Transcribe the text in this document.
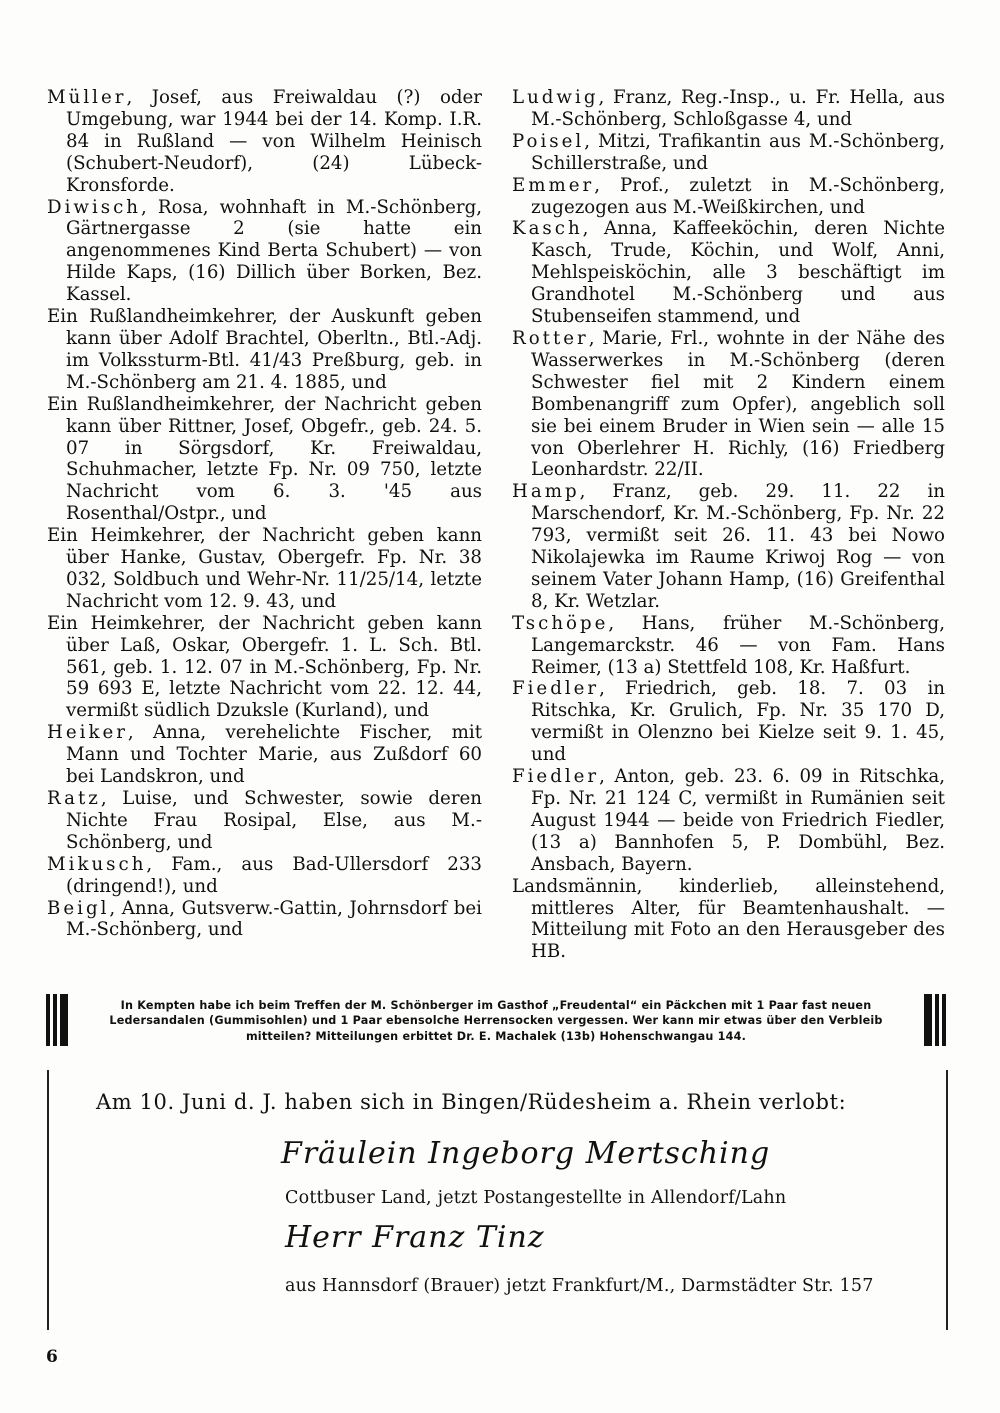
Müller, Josef, aus Freiwaldau (?) oder Umgebung, war 1944 bei der 14. Komp. I.R. 84 in Rußland — von Wilhelm Heinisch (Schubert-Neudorf), (24) Lübeck-Kronsforde.

Diwisch, Rosa, wohnhaft in M.-Schönberg, Gärtnergasse 2 (sie hatte ein angenommenes Kind Berta Schubert) — von Hilde Kaps, (16) Dillich über Borken, Bez. Kassel.

Ein Rußlandheimkehrer, der Auskunft geben kann über Adolf Brachtel, Oberltn., Btl.-Adj. im Volkssturm-Btl. 41/43 Preßburg, geb. in M.-Schönberg am 21. 4. 1885, und

Ein Rußlandheimkehrer, der Nachricht geben kann über Rittner, Josef, Obgefr., geb. 24. 5. 07 in Sörgsdorf, Kr. Freiwaldau, Schuhmacher, letzte Fp. Nr. 09 750, letzte Nachricht vom 6. 3. '45 aus Rosenthal/Ostpr., und

Ein Heimkehrer, der Nachricht geben kann über Hanke, Gustav, Obergefr. Fp. Nr. 38 032, Soldbuch und Wehr-Nr. 11/25/14, letzte Nachricht vom 12. 9. 43, und

Ein Heimkehrer, der Nachricht geben kann über Laß, Oskar, Obergefr. 1. L. Sch. Btl. 561, geb. 1. 12. 07 in M.-Schönberg, Fp. Nr. 59 693 E, letzte Nachricht vom 22. 12. 44, vermißt südlich Dzuksle (Kurland), und

Heiker, Anna, verehelichte Fischer, mit Mann und Tochter Marie, aus Zußdorf 60 bei Landskron, und

Ratz, Luise, und Schwester, sowie deren Nichte Frau Rosipal, Else, aus M.-Schönberg, und

Mikusch, Fam., aus Bad-Ullersdorf 233 (dringend!), und

Beigl, Anna, Gutsverw.-Gattin, Johrnsdorf bei M.-Schönberg, und

Ludwig, Franz, Reg.-Insp., u. Fr. Hella, aus M.-Schönberg, Schloßgasse 4, und

Poisel, Mitzi, Trafikantin aus M.-Schönberg, Schillerstraße, und

Emmer, Prof., zuletzt in M.-Schönberg, zugezogen aus M.-Weißkirchen, und

Kasch, Anna, Kaffeeköchin, deren Nichte Kasch, Trude, Köchin, und Wolf, Anni, Mehlspeisköchin, alle 3 beschäftigt im Grandhotel M.-Schönberg und aus Stubenseifen stammend, und

Rotter, Marie, Frl., wohnte in der Nähe des Wasserwerkes in M.-Schönberg (deren Schwester fiel mit 2 Kindern einem Bombenangriff zum Opfer), angeblich soll sie bei einem Bruder in Wien sein — alle 15 von Oberlehrer H. Richly, (16) Friedberg Leonhardstr. 22/II.

Hamp, Franz, geb. 29. 11. 22 in Marschendorf, Kr. M.-Schönberg, Fp. Nr. 22 793, vermißt seit 26. 11. 43 bei Nowo Nikolajewka im Raume Kriwoj Rog — von seinem Vater Johann Hamp, (16) Greifenthal 8, Kr. Wetzlar.

Tschöpe, Hans, früher M.-Schönberg, Langemarckstr. 46 — von Fam. Hans Reimer, (13 a) Stettfeld 108, Kr. Haßfurt.

Fiedler, Friedrich, geb. 18. 7. 03 in Ritschka, Kr. Grulich, Fp. Nr. 35 170 D, vermißt in Olenzno bei Kielze seit 9. 1. 45, und

Fiedler, Anton, geb. 23. 6. 09 in Ritschka, Fp. Nr. 21 124 C, vermißt in Rumänien seit August 1944 — beide von Friedrich Fiedler, (13 a) Bannhofen 5, P. Dombühl, Bez. Ansbach, Bayern.

Landsmännin, kinderlieb, alleinstehend, mittleres Alter, für Beamtenhaushalt. — Mitteilung mit Foto an den Herausgeber des HB.

In Kempten habe ich beim Treffen der M. Schönberger im Gasthof „Freudental“ ein Päckchen mit 1 Paar fast neuen Ledersandalen (Gummisohlen) und 1 Paar ebensolche Herrensocken vergessen. Wer kann mir etwas über den Verbleib mitteilen? Mitteilungen erbittet Dr. E. Machalek (13b) Hohenschwangau 144.
Am 10. Juni d. J. haben sich in Bingen/Rüdesheim a. Rhein verlobt:
Fräulein Ingeborg Mertsching
Cottbuser Land, jetzt Postangestellte in Allendorf/Lahn
Herr Franz Tinz
aus Hannsdorf (Brauer) jetzt Frankfurt/M., Darmstädter Str. 157
6
